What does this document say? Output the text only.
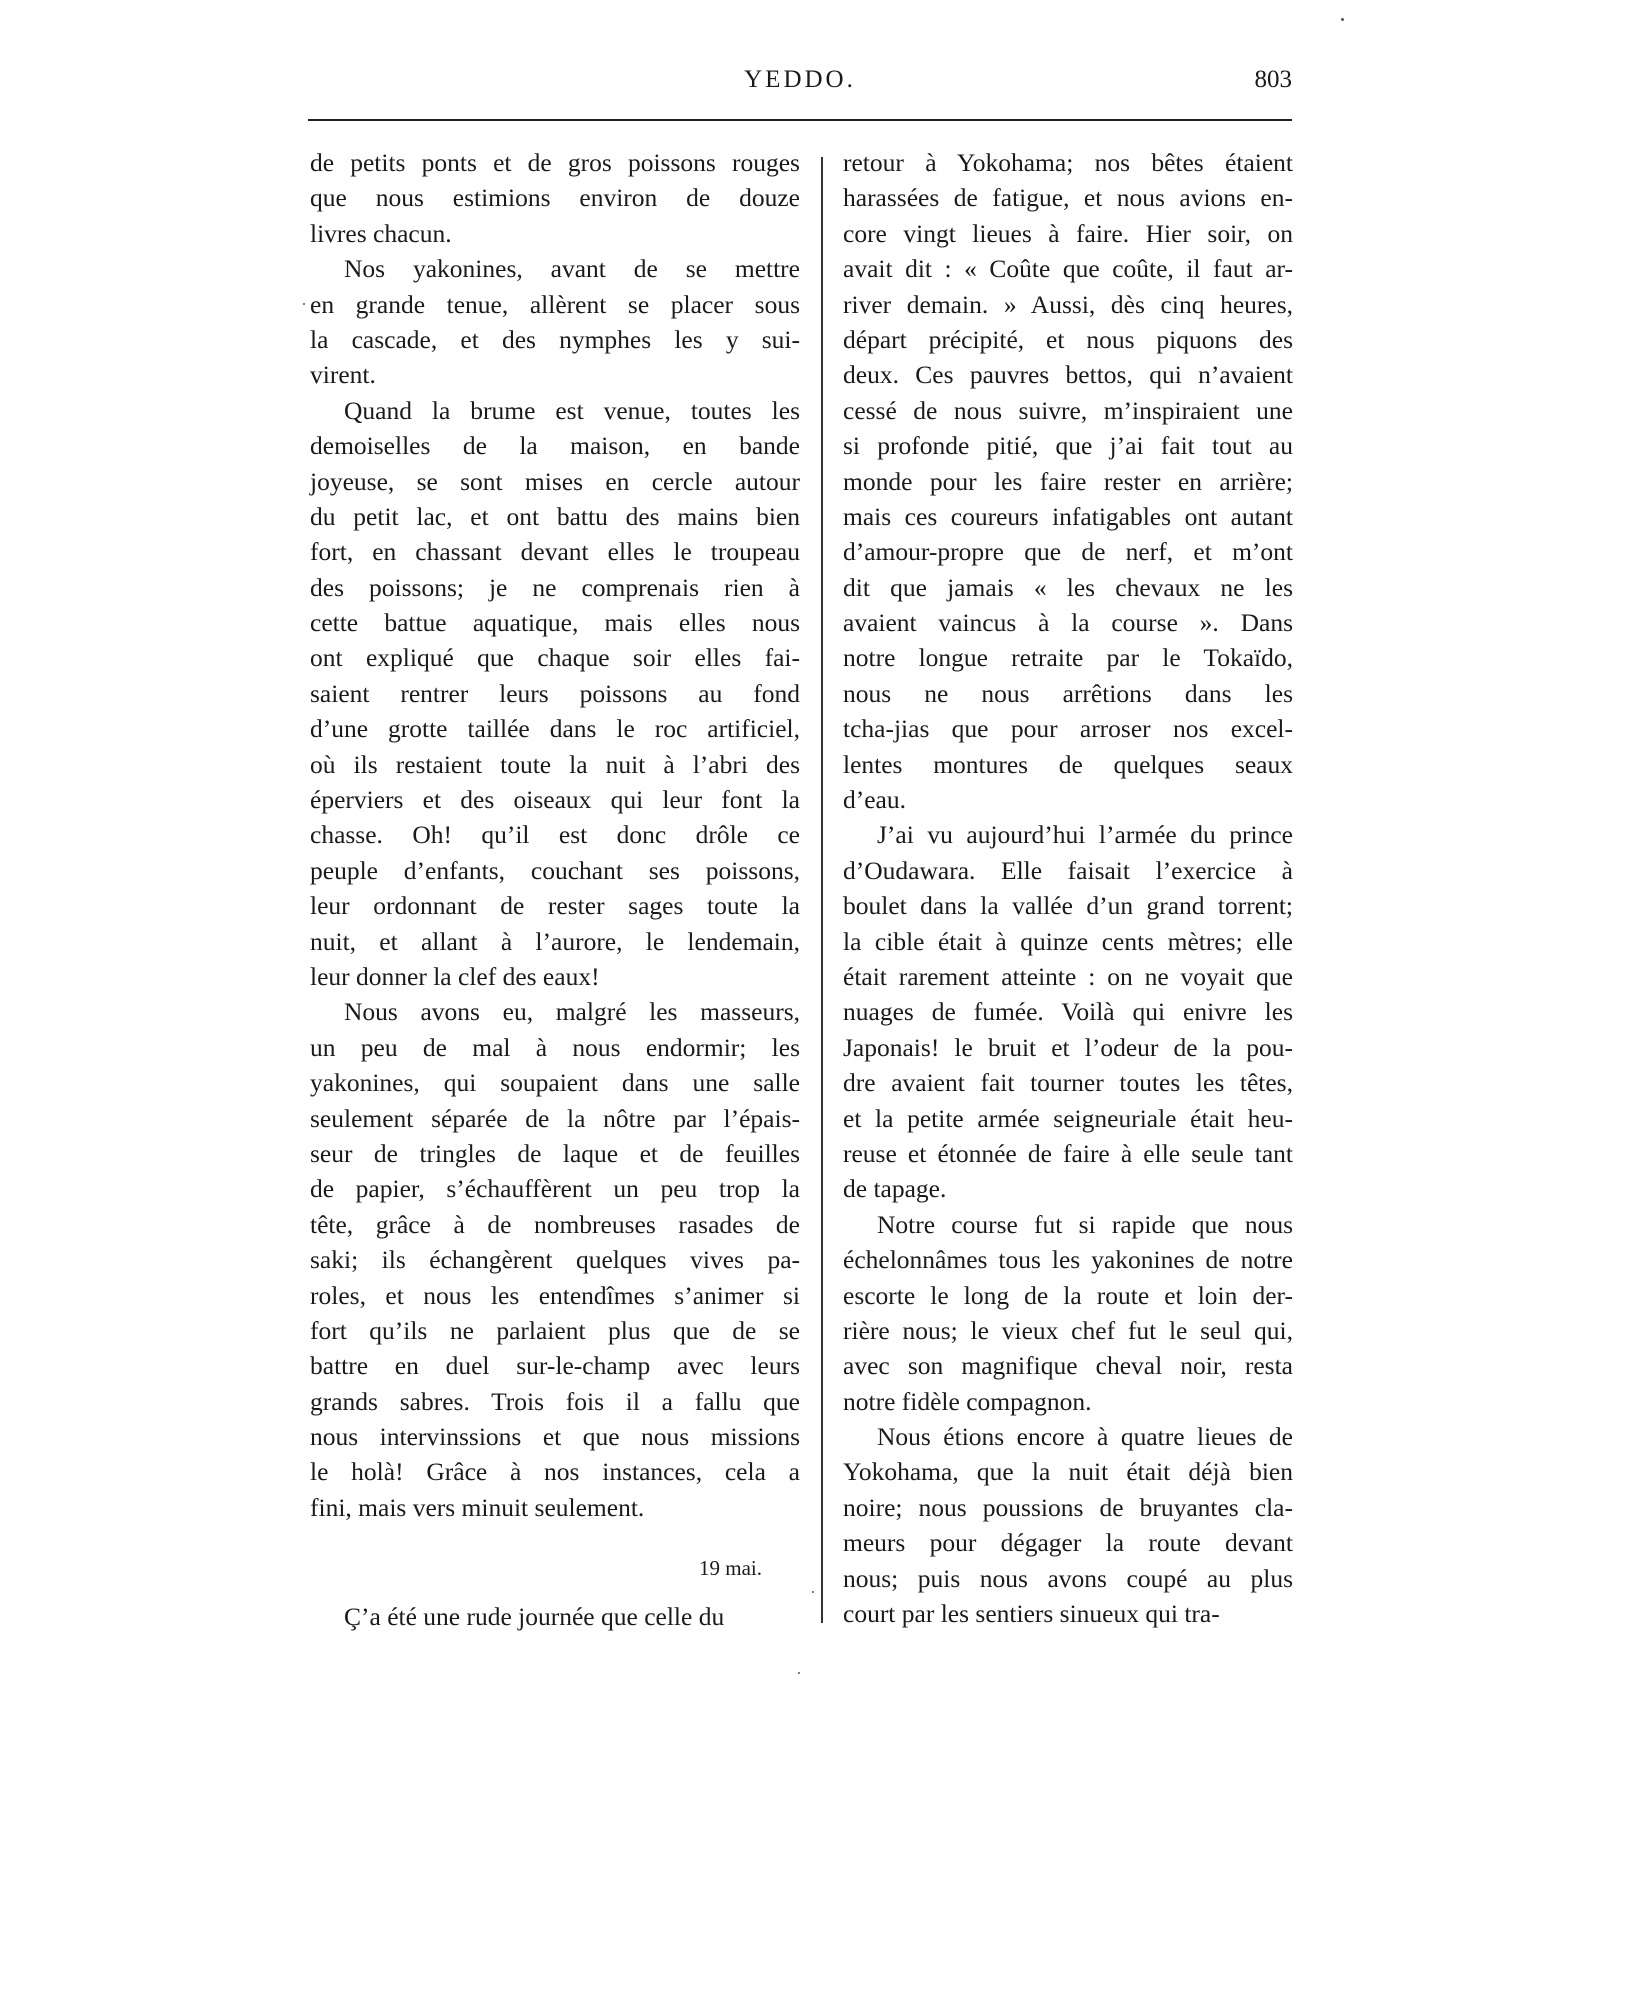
YEDDO.	803
de petits ponts et de gros poissons rouges
que nous estimions environ de douze
livres chacun.
Nos yakonines, avant de se mettre
en grande tenue, allèrent se placer sous
la cascade, et des nymphes les y sui-
virent.
Quand la brume est venue, toutes les
demoiselles de la maison, en bande
joyeuse, se sont mises en cercle autour
du petit lac, et ont battu des mains bien
fort, en chassant devant elles le troupeau
des poissons; je ne comprenais rien à
cette battue aquatique, mais elles nous
ont expliqué que chaque soir elles fai-
saient rentrer leurs poissons au fond
d’une grotte taillée dans le roc artificiel,
où ils restaient toute la nuit à l’abri des
éperviers et des oiseaux qui leur font la
chasse. Oh! qu’il est donc drôle ce
peuple d’enfants, couchant ses poissons,
leur ordonnant de rester sages toute la
nuit, et allant à l’aurore, le lendemain,
leur donner la clef des eaux!
Nous avons eu, malgré les masseurs,
un peu de mal à nous endormir; les
yakonines, qui soupaient dans une salle
seulement séparée de la nôtre par l’épais-
seur de tringles de laque et de feuilles
de papier, s’échauffèrent un peu trop la
tête, grâce à de nombreuses rasades de
saki; ils échangèrent quelques vives pa-
roles, et nous les entendîmes s’animer si
fort qu’ils ne parlaient plus que de se
battre en duel sur-le-champ avec leurs
grands sabres. Trois fois il a fallu que
nous intervinssions et que nous missions
le holà! Grâce à nos instances, cela a
fini, mais vers minuit seulement.
19 mai.
Ç’a été une rude journée que celle du
retour à Yokohama; nos bêtes étaient
harassées de fatigue, et nous avions en-
core vingt lieues à faire. Hier soir, on
avait dit : « Coûte que coûte, il faut ar-
river demain. » Aussi, dès cinq heures,
départ précipité, et nous piquons des
deux. Ces pauvres bettos, qui n’avaient
cessé de nous suivre, m’inspiraient une
si profonde pitié, que j’ai fait tout au
monde pour les faire rester en arrière;
mais ces coureurs infatigables ont autant
d’amour-propre que de nerf, et m’ont
dit que jamais « les chevaux ne les
avaient vaincus à la course ». Dans
notre longue retraite par le Tokaïdo,
nous ne nous arrêtions dans les
tcha-jias que pour arroser nos excel-
lentes montures de quelques seaux
d’eau.
J’ai vu aujourd’hui l’armée du prince
d’Oudawara. Elle faisait l’exercice à
boulet dans la vallée d’un grand torrent;
la cible était à quinze cents mètres; elle
était rarement atteinte : on ne voyait que
nuages de fumée. Voilà qui enivre les
Japonais! le bruit et l’odeur de la pou-
dre avaient fait tourner toutes les têtes,
et la petite armée seigneuriale était heu-
reuse et étonnée de faire à elle seule tant
de tapage.
Notre course fut si rapide que nous
échelonnâmes tous les yakonines de notre
escorte le long de la route et loin der-
rière nous; le vieux chef fut le seul qui,
avec son magnifique cheval noir, resta
notre fidèle compagnon.
Nous étions encore à quatre lieues de
Yokohama, que la nuit était déjà bien
noire; nous poussions de bruyantes cla-
meurs pour dégager la route devant
nous; puis nous avons coupé au plus
court par les sentiers sinueux qui tra-
